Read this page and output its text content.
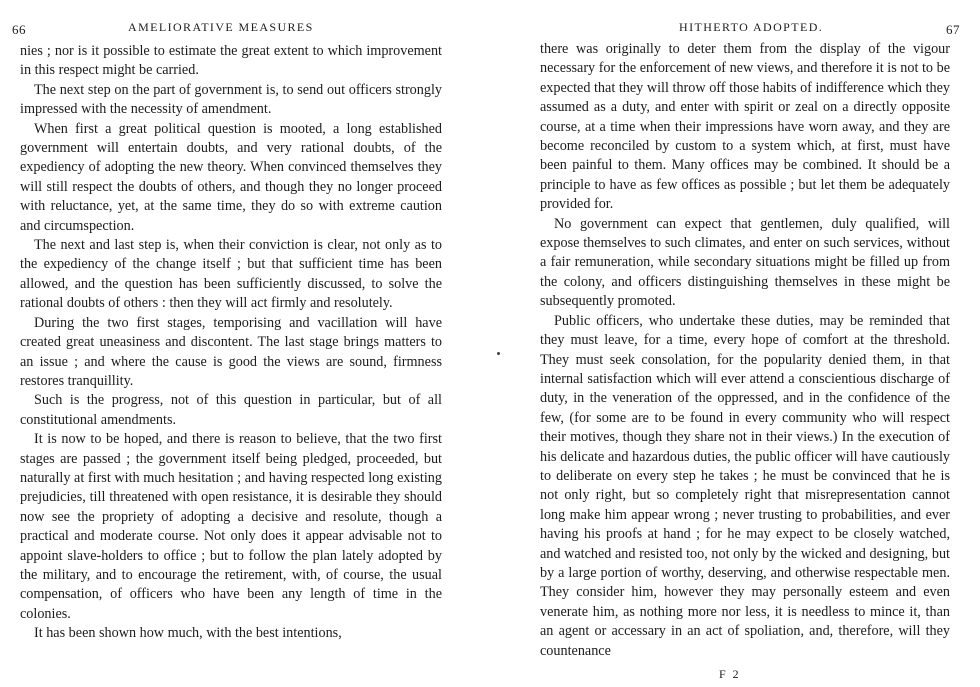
66	AMELIORATIVE MEASURES

nies ; nor is it possible to estimate the great extent to which improvement in this respect might be carried.

The next step on the part of government is, to send out officers strongly impressed with the necessity of amendment.

When first a great political question is mooted, a long established government will entertain doubts, and very rational doubts, of the expediency of adopting the new theory. When convinced themselves they will still respect the doubts of others, and though they no longer proceed with reluctance, yet, at the same time, they do so with extreme caution and circumspection.

The next and last step is, when their conviction is clear, not only as to the expediency of the change itself ; but that sufficient time has been allowed, and the question has been sufficiently discussed, to solve the rational doubts of others : then they will act firmly and resolutely.

During the two first stages, temporising and vacillation will have created great uneasiness and discontent. The last stage brings matters to an issue ; and where the cause is good the views are sound, firmness restores tranquillity.

Such is the progress, not of this question in particular, but of all constitutional amendments.

It is now to be hoped, and there is reason to believe, that the two first stages are passed ; the government itself being pledged, proceeded, but naturally at first with much hesitation ; and having respected long existing prejudicies, till threatened with open resistance, it is desirable they should now see the propriety of adopting a decisive and resolute, though a practical and moderate course. Not only does it appear advisable not to appoint slave-holders to office ; but to follow the plan lately adopted by the military, and to encourage the retirement, with, of course, the usual compensation, of officers who have been any length of time in the colonies.

It has been shown how much, with the best intentions,

HITHERTO ADOPTED.	67

there was originally to deter them from the display of the vigour necessary for the enforcement of new views, and therefore it is not to be expected that they will throw off those habits of indifference which they assumed as a duty, and enter with spirit or zeal on a directly opposite course, at a time when their impressions have worn away, and they are become reconciled by custom to a system which, at first, must have been painful to them. Many offices may be combined. It should be a principle to have as few offices as possible ; but let them be adequately provided for.

No government can expect that gentlemen, duly qualified, will expose themselves to such climates, and enter on such services, without a fair remuneration, while secondary situations might be filled up from the colony, and officers distinguishing themselves in these might be subsequently promoted.

Public officers, who undertake these duties, may be reminded that they must leave, for a time, every hope of comfort at the threshold. They must seek consolation, for the popularity denied them, in that internal satisfaction which will ever attend a conscientious discharge of duty, in the veneration of the oppressed, and in the confidence of the few, (for some are to be found in every community who will respect their motives, though they share not in their views.) In the execution of his delicate and hazardous duties, the public officer will have cautiously to deliberate on every step he takes ; he must be convinced that he is not only right, but so completely right that misrepresentation cannot long make him appear wrong ; never trusting to probabilities, and ever having his proofs at hand ; for he may expect to be closely watched, and watched and resisted too, not only by the wicked and designing, but by a large portion of worthy, deserving, and otherwise respectable men. They consider him, however they may personally esteem and even venerate him, as nothing more nor less, it is needless to mince it, than an agent or accessary in an act of spoliation, and, therefore, will they countenance

F 2
